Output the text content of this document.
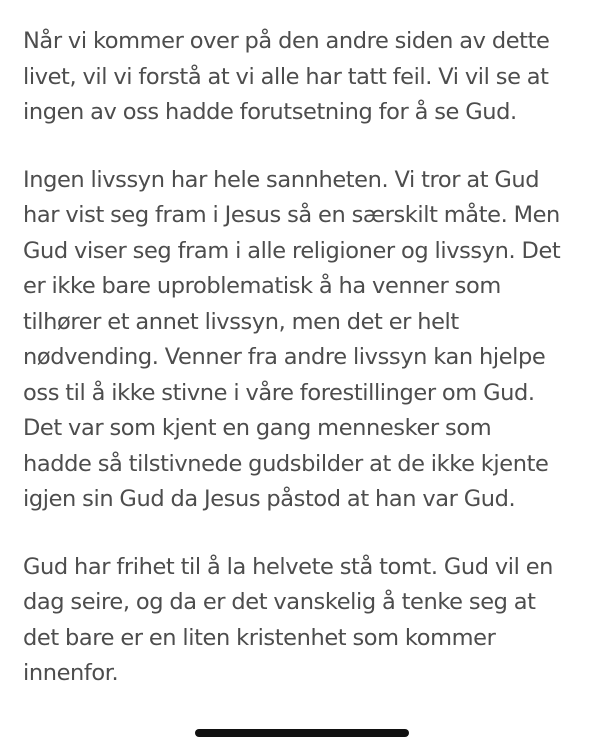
Når vi kommer over på den andre siden av dette
livet, vil vi forstå at vi alle har tatt feil. Vi vil se at
ingen av oss hadde forutsetning for å se Gud.

Ingen livssyn har hele sannheten. Vi tror at Gud
har vist seg fram i Jesus så en særskilt måte. Men
Gud viser seg fram i alle religioner og livssyn. Det
er ikke bare uproblematisk å ha venner som
tilhører et annet livssyn, men det er helt
nødvending. Venner fra andre livssyn kan hjelpe
oss til å ikke stivne i våre forestillinger om Gud.
Det var som kjent en gang mennesker som
hadde så tilstivnede gudsbilder at de ikke kjente
igjen sin Gud da Jesus påstod at han var Gud.

Gud har frihet til å la helvete stå tomt. Gud vil en
dag seire, og da er det vanskelig å tenke seg at
det bare er en liten kristenhet som kommer
innenfor.
